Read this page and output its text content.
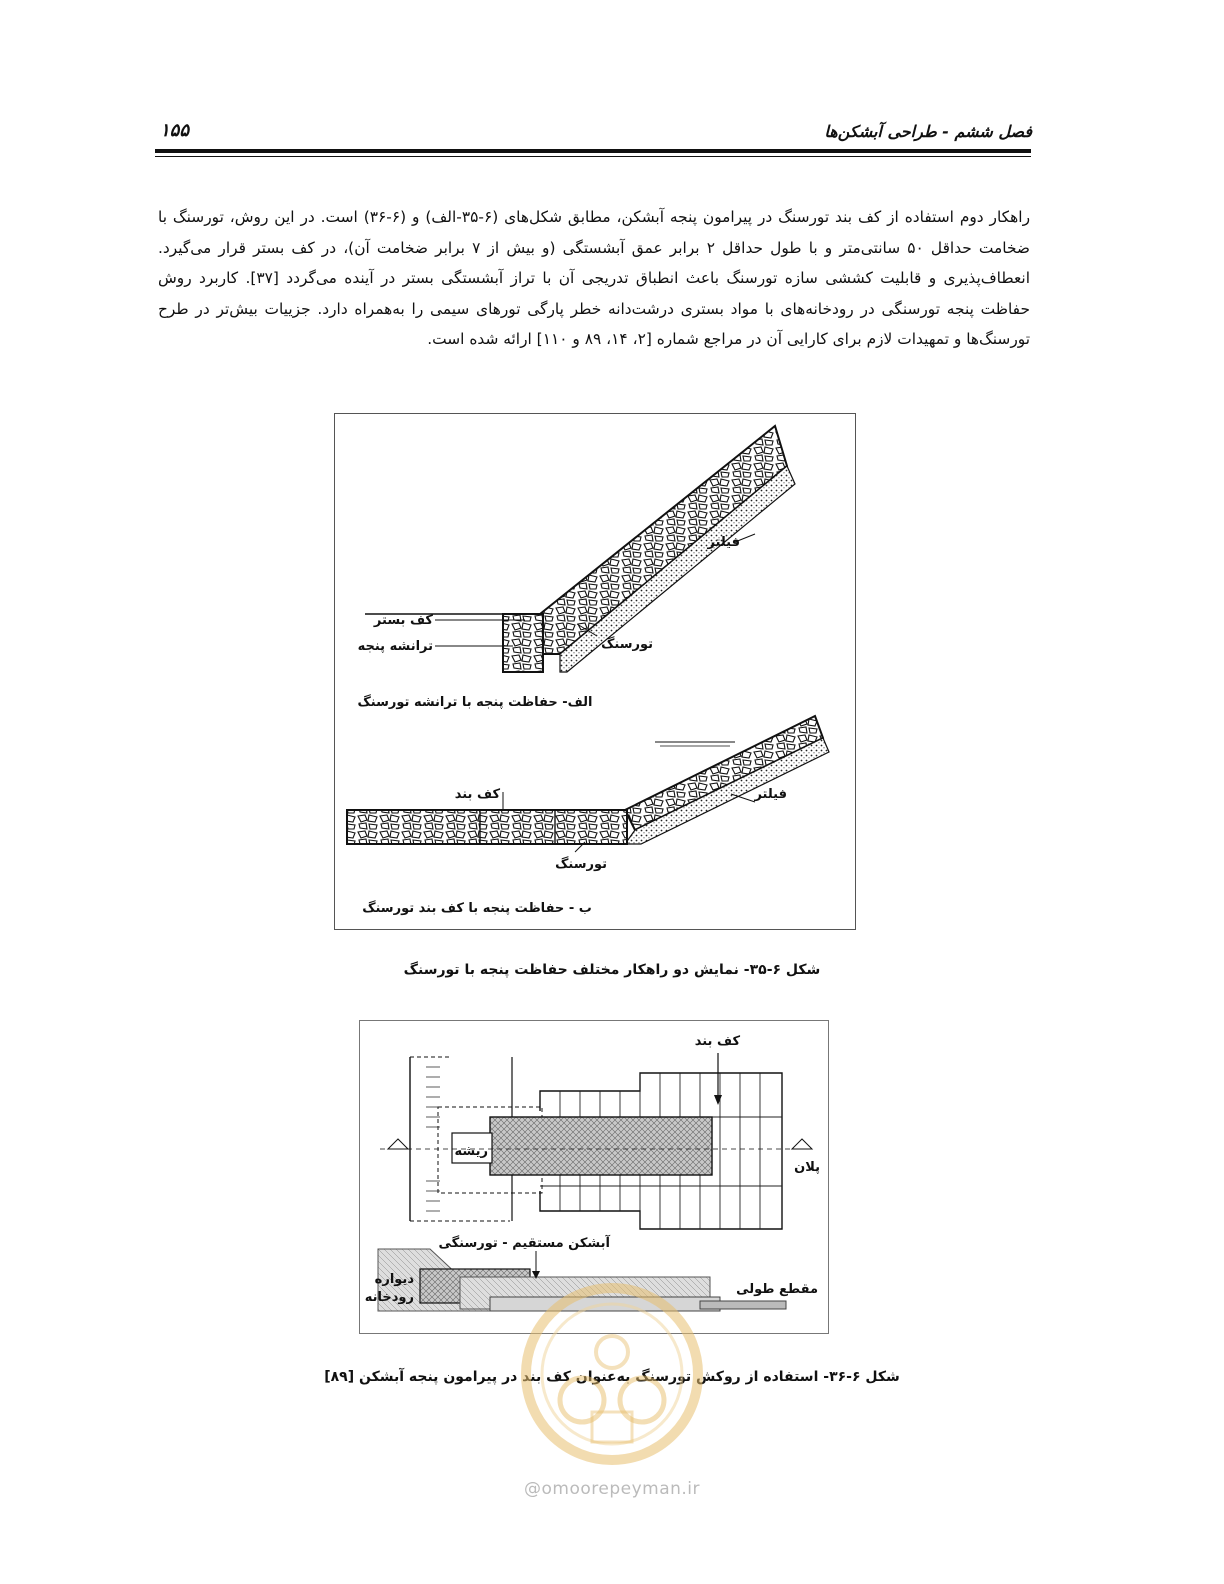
۱۵۵	فصل ششم - طراحی آبشکن‌ها
راهکار دوم استفاده از کف بند تورسنگ در پیرامون پنجه آبشکن، مطابق شکل‌های (۶-۳۵-الف) و (۶-۳۶) است. در این روش، تورسنگ با ضخامت حداقل ۵۰ سانتی‌متر و با طول حداقل ۲ برابر عمق آبشستگی (و بیش از ۷ برابر ضخامت آن)، در کف بستر قرار می‌گیرد. انعطاف‌پذیری و قابلیت کششی سازه تورسنگ باعث انطباق تدریجی آن با تراز آبشستگی بستر در آینده می‌گردد [۳۷]. کاربرد روش حفاظت پنجه تورسنگی در رودخانه‌های با مواد بستری درشت‌دانه خطر پارگی تورهای سیمی را به‌همراه دارد. جزییات بیش‌تر در طرح تورسنگ‌ها و تمهیدات لازم برای کارایی آن در مراجع شماره [۲، ۱۴، ۸۹ و ۱۱۰] ارائه شده است.
فیلتر
کف بستر
ترانشه پنجه	تورسنگ
الف- حفاظت پنجه با ترانشه تورسنگ
کف بند	فیلتر
تورسنگ
ب - حفاظت پنجه با کف بند تورسنگ
شکل ۶-۳۵- نمایش دو راهکار مختلف حفاظت پنجه با تورسنگ
کف بند
ریشه
پلان
آبشکن مستقیم - تورسنگی
دیواره
رودخانه
مقطع طولی
شکل ۶-۳۶- استفاده از روکش تورسنگ به‌عنوان کف بند در پیرامون پنجه آبشکن [۸۹]
@omoorepeyman.ir
